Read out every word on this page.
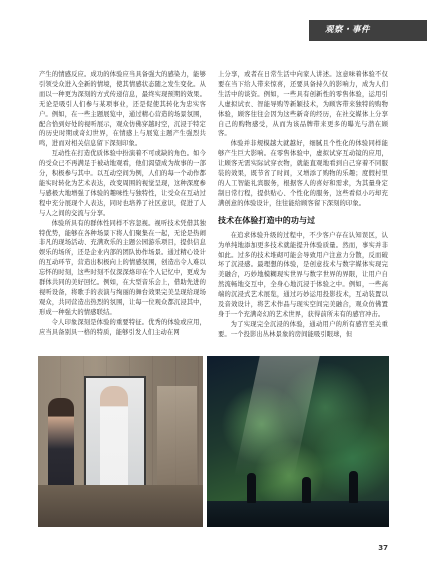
观察・事件

产生的情感反应。成功的体验应当具备强大的感染力，能够引领受众进入全新的情境，使其情感状态随之发生变化。从而以一种更为深刻的方式传递信息，最终实现预期的效果。无论是吸引人们参与某项事业，还是促使其转化为忠实客户。例如，在一些主题展览中，通过精心营造的场景氛围，配合恰到好处的视听展示，观众仿佛穿越时空，沉浸于特定的历史时期或奇幻世界，在情感上与展览主题产生强烈共鸣，进而对相关信息留下深刻印象。

互动性在打造优质体验中扮演着不可或缺的角色。如今的受众已不再满足于被动地观看，他们渴望成为故事的一部分，积极参与其中。以互动空间为例，人们的每一个动作都能实时转化为艺术表达，改变周围的视觉呈现，这种深度参与感极大地增强了体验的趣味性与独特性，让受众在互动过程中充分展现个人表达，同时也培养了社区意识，促进了人与人之间的交流与分享。

体验所具有的群体性同样不容忽视。视听技术凭借其独特优势，能够在各种场景下将人们聚集在一起，无论是热闹非凡的现场活动、充满欢乐的主题公园游乐项目，提供信息娱乐的场所，还是企业内部的团队协作场景。通过精心设计的互动环节，营造出积极向上的情感氛围，创造出令人难以忘怀的时刻，这些时刻不仅深深烙印在个人记忆中，更成为群体共同的美好回忆。例如，在大型音乐会上，借助先进的视听设备，将歌手的表演与绚丽的舞台效果完美呈现给现场观众，共同营造出热烈的氛围，让每一位观众都沉浸其中，形成一种强大的情感联结。

令人印象深刻是体验的重要特征。优秀的体验或应用，应当具备别具一格的特质，能够引发人们主动在网

上分享，或者在日常生活中向家人讲述。这意味着体验不仅要在当下给人带来惊喜，还要具备持久的影响力，成为人们生活中的谈资。例如，一些具有创新性的零售体验，运用引人虚拟试衣、智能导购等新颖技术，为顾客带来独特的购物体验，顾客往往会因为这些新奇的经历，在社交媒体上分享自己的购物感受，从而为该品牌带来更多的曝光与潜在顾客。

体验并非规模越大就越好，细腻且个性化的体验同样能够产生巨大影响。在零售体验中，虚拟试穿互动镜的应用，让顾客无需实际试穿衣物，就能直观地看到自己穿着不同服装的效果，既节省了时间，又增添了购物的乐趣；度假村里的人工智能礼宾服务，根据客人的喜好和需求，为其量身定制日常行程，提供贴心、个性化的服务，这些看似小巧却充满创意的体验设计，往往能给顾客留下深刻的印象。

技术在体验打造中的功与过

在追求体验升级的过程中，不少客户存在认知误区，认为单纯地添加更多技术就能提升体验质量。然而，事实并非如此。过多的技术堆砌可能会导致用户注意力分散，反而破坏了沉浸感。最理想的体验，是创意技术与数字媒体实现完美融合，巧妙地模糊现实世界与数字世界的界限，让用户自然流畅地交互中，全身心地沉浸于体验之中。例如，一些高端的沉浸式艺术展览，通过巧妙运用投影技术，互动装置以及音效设计，将艺术作品与现实空间完美融合，观众仿佛置身于一个充满奇幻的艺术世界，获得前所未有的感官冲击。

为了实现完全沉浸的体验，通动用户的所有感官至关重要。一个投影出丛林景象的房间能吸引眼球，但

37
